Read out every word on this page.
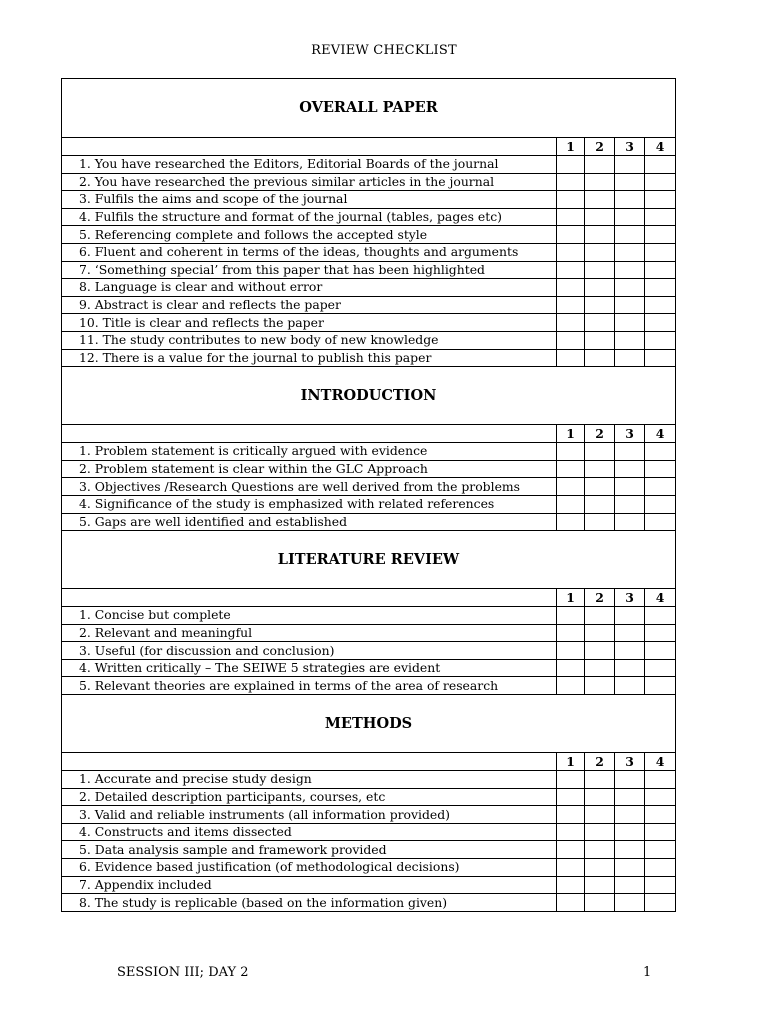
REVIEW CHECKLIST
OVERALL PAPER				
	1	2	3	4
1. You have researched the Editors, Editorial Boards of the journal				
2. You have researched the previous similar articles in the journal				
3. Fulfils the aims and scope of the journal				
4. Fulfils the structure and format of the journal (tables, pages etc)				
5. Referencing complete and follows the accepted style				
6. Fluent and coherent in terms of the ideas, thoughts and arguments				
7. ‘Something special’ from this paper that has been highlighted				
8. Language is clear and without error				
9. Abstract is clear and reflects the paper				
10. Title is clear and reflects the paper				
11. The study contributes to new body of new knowledge				
12. There is a value for the journal to publish this paper				
INTRODUCTION				
	1	2	3	4
1. Problem statement is critically argued with evidence				
2. Problem statement is clear within the GLC Approach				
3. Objectives /Research Questions are well derived from the problems				
4. Significance of the study is emphasized with related references				
5. Gaps are well identified and established				
LITERATURE REVIEW				
	1	2	3	4
1. Concise but complete				
2. Relevant and meaningful				
3. Useful (for discussion and conclusion)				
4. Written critically – The SEIWE 5 strategies are evident				
5. Relevant theories are explained in terms of the area of research				
METHODS				
	1	2	3	4
1. Accurate and precise study design				
2. Detailed description participants, courses, etc				
3. Valid and reliable instruments (all information provided)				
4. Constructs and items dissected				
5. Data analysis sample and framework provided				
6. Evidence based justification (of methodological decisions)				
7. Appendix included				
8. The study is replicable (based on the information given)				
SESSION III; DAY 2	1
